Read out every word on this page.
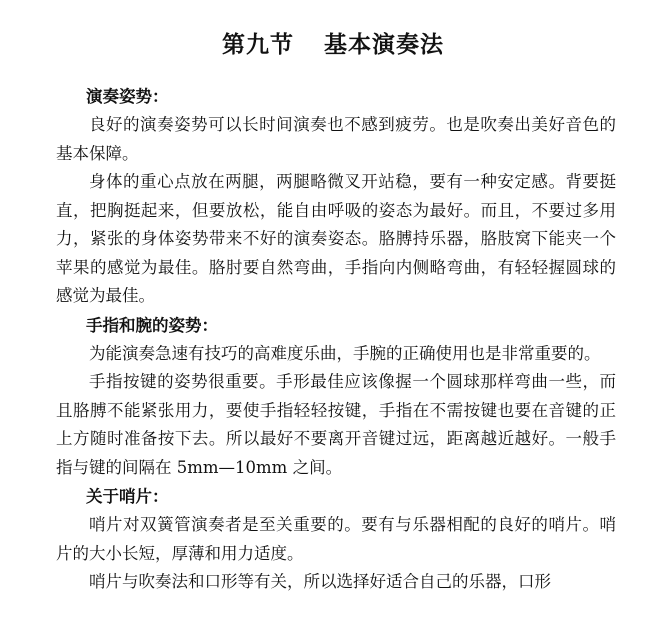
第九节 基本演奏法
演奏姿势：

良好的演奏姿势可以长时间演奏也不感到疲劳。也是吹奏出美好音色的基本保障。

身体的重心点放在两腿，两腿略微叉开站稳，要有一种安定感。背要挺直，把胸挺起来，但要放松，能自由呼吸的姿态为最好。而且，不要过多用力，紧张的身体姿势带来不好的演奏姿态。胳膊持乐器，胳肢窝下能夹一个苹果的感觉为最佳。胳肘要自然弯曲，手指向内侧略弯曲，有轻轻握圆球的感觉为最佳。

手指和腕的姿势：

为能演奏急速有技巧的高难度乐曲，手腕的正确使用也是非常重要的。

手指按键的姿势很重要。手形最佳应该像握一个圆球那样弯曲一些，而且胳膊不能紧张用力，要使手指轻轻按键，手指在不需按键也要在音键的正上方随时准备按下去。所以最好不要离开音键过远，距离越近越好。一般手指与键的间隔在 5mm—10mm 之间。

关于哨片：

哨片对双簧管演奏者是至关重要的。要有与乐器相配的良好的哨片。哨片的大小长短，厚薄和用力适度。

哨片与吹奏法和口形等有关，所以选择好适合自己的乐器，口形
